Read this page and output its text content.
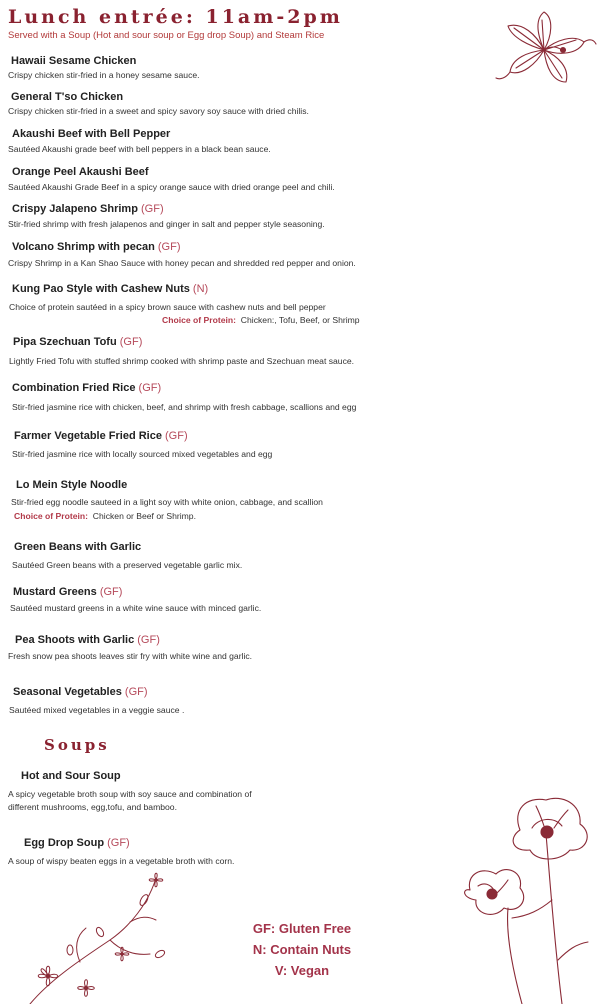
Lunch entrée: 11am-2pm
Served with a Soup (Hot and sour soup or Egg drop Soup) and Steam Rice
Hawaii Sesame Chicken
Crispy chicken stir-fried in a honey sesame sauce.
General T'so Chicken
Crispy chicken stir-fried in a sweet and spicy savory soy sauce with dried chilis.
Akaushi Beef with Bell Pepper
Sautéed Akaushi grade beef with bell peppers in a black bean sauce.
Orange Peel Akaushi Beef
Sautéed Akaushi Grade Beef in a spicy orange sauce with dried orange peel and chili.
Crispy Jalapeno Shrimp (GF)
Stir-fried shrimp with fresh jalapenos and ginger in salt and pepper style seasoning.
Volcano Shrimp with pecan (GF)
Crispy Shrimp in a Kan Shao Sauce with honey pecan and shredded red pepper and onion.
Kung Pao Style with Cashew Nuts (N)
Choice of protein sautéed in a spicy brown sauce with cashew nuts and bell pepper
Choice of Protein: Chicken:, Tofu, Beef, or Shrimp
Pipa Szechuan Tofu (GF)
Lightly Fried Tofu with stuffed shrimp cooked with shrimp paste and Szechuan meat sauce.
Combination Fried Rice (GF)
Stir-fried jasmine rice with chicken, beef, and shrimp with fresh cabbage, scallions and egg
Farmer Vegetable Fried Rice (GF)
Stir-fried jasmine rice with locally sourced mixed vegetables and egg
Lo Mein Style Noodle
Stir-fried egg noodle sauteed in a light soy with white onion, cabbage, and scallion
Choice of Protein: Chicken or Beef or Shrimp.
Green Beans with Garlic
Sautéed Green beans with a preserved vegetable garlic mix.
Mustard Greens (GF)
Sautéed mustard greens in a white wine sauce with minced garlic.
Pea Shoots with Garlic (GF)
Fresh snow pea shoots leaves stir fry with white wine and garlic.
Seasonal Vegetables (GF)
Sautéed mixed vegetables in a veggie sauce .
Soups
Hot and Sour Soup
A spicy vegetable broth soup with soy sauce and combination of
different mushrooms, egg,tofu, and bamboo.
Egg Drop Soup (GF)
A soup of wispy beaten eggs in a vegetable broth with corn.
GF: Gluten Free
N: Contain Nuts
V: Vegan
